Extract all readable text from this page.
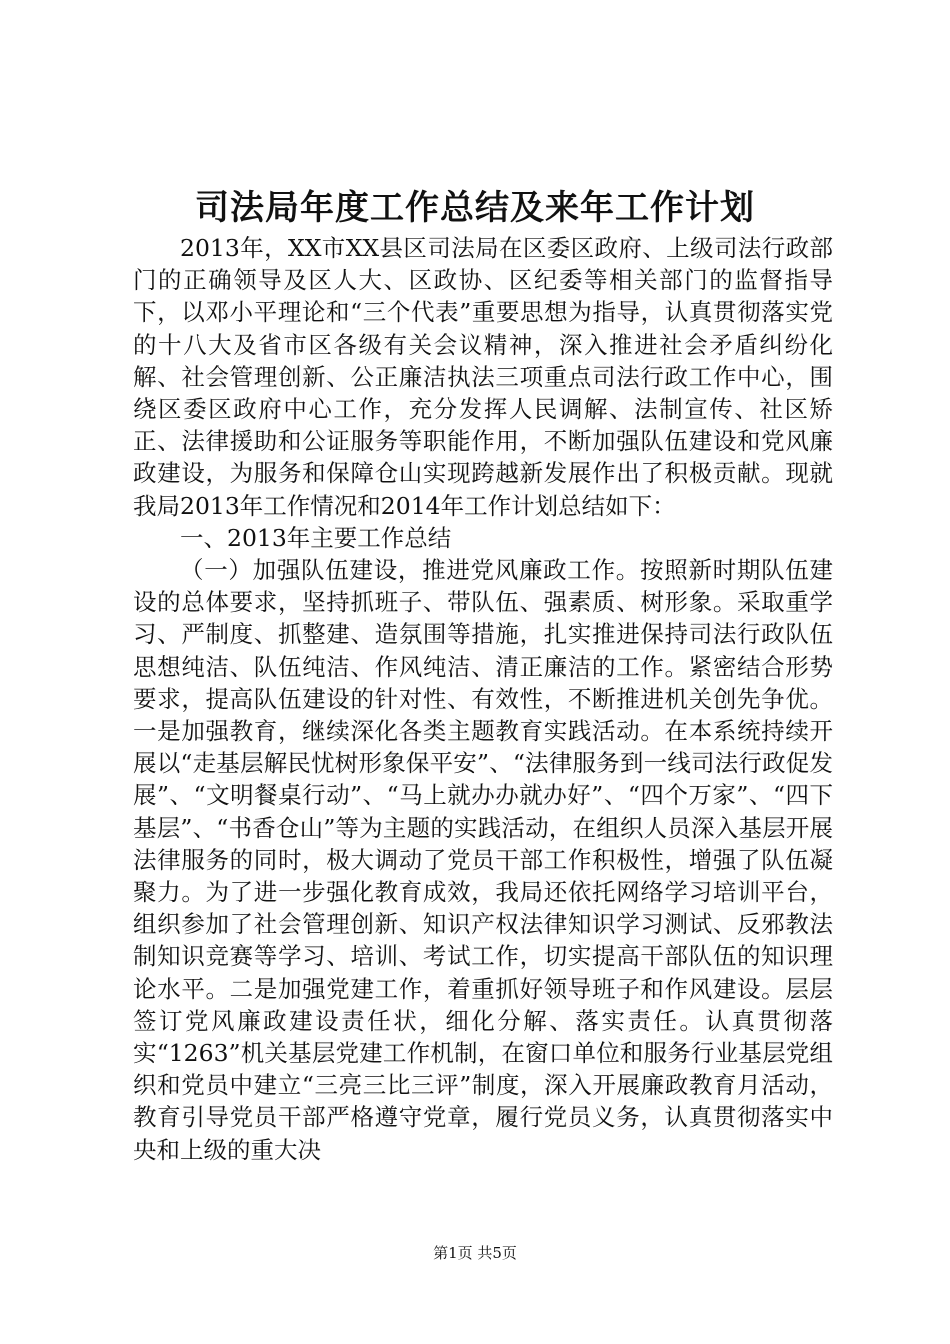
司法局年度工作总结及来年工作计划

2013年，XX市XX县区司法局在区委区政府、上级司法行政部门的正确领导及区人大、区政协、区纪委等相关部门的监督指导下，以邓小平理论和“三个代表”重要思想为指导，认真贯彻落实党的十八大及省市区各级有关会议精神，深入推进社会矛盾纠纷化解、社会管理创新、公正廉洁执法三项重点司法行政工作中心，围绕区委区政府中心工作，充分发挥人民调解、法制宣传、社区矫正、法律援助和公证服务等职能作用，不断加强队伍建设和党风廉政建设，为服务和保障仓山实现跨越新发展作出了积极贡献。现就我局2013年工作情况和2014年工作计划总结如下：

一、2013年主要工作总结

（一）加强队伍建设，推进党风廉政工作。按照新时期队伍建设的总体要求，坚持抓班子、带队伍、强素质、树形象。采取重学习、严制度、抓整建、造氛围等措施，扎实推进保持司法行政队伍思想纯洁、队伍纯洁、作风纯洁、清正廉洁的工作。紧密结合形势要求，提高队伍建设的针对性、有效性，不断推进机关创先争优。一是加强教育，继续深化各类主题教育实践活动。在本系统持续开展以“走基层解民忧树形象保平安”、“法律服务到一线司法行政促发展”、“文明餐桌行动”、“马上就办办就办好”、“四个万家”、“四下基层”、“书香仓山”等为主题的实践活动，在组织人员深入基层开展法律服务的同时，极大调动了党员干部工作积极性，增强了队伍凝聚力。为了进一步强化教育成效，我局还依托网络学习培训平台，组织参加了社会管理创新、知识产权法律知识学习测试、反邪教法制知识竞赛等学习、培训、考试工作，切实提高干部队伍的知识理论水平。二是加强党建工作，着重抓好领导班子和作风建设。层层签订党风廉政建设责任状，细化分解、落实责任。认真贯彻落实“1263”机关基层党建工作机制，在窗口单位和服务行业基层党组织和党员中建立“三亮三比三评”制度，深入开展廉政教育月活动，教育引导党员干部严格遵守党章，履行党员义务，认真贯彻落实中央和上级的重大决

第1页 共5页
